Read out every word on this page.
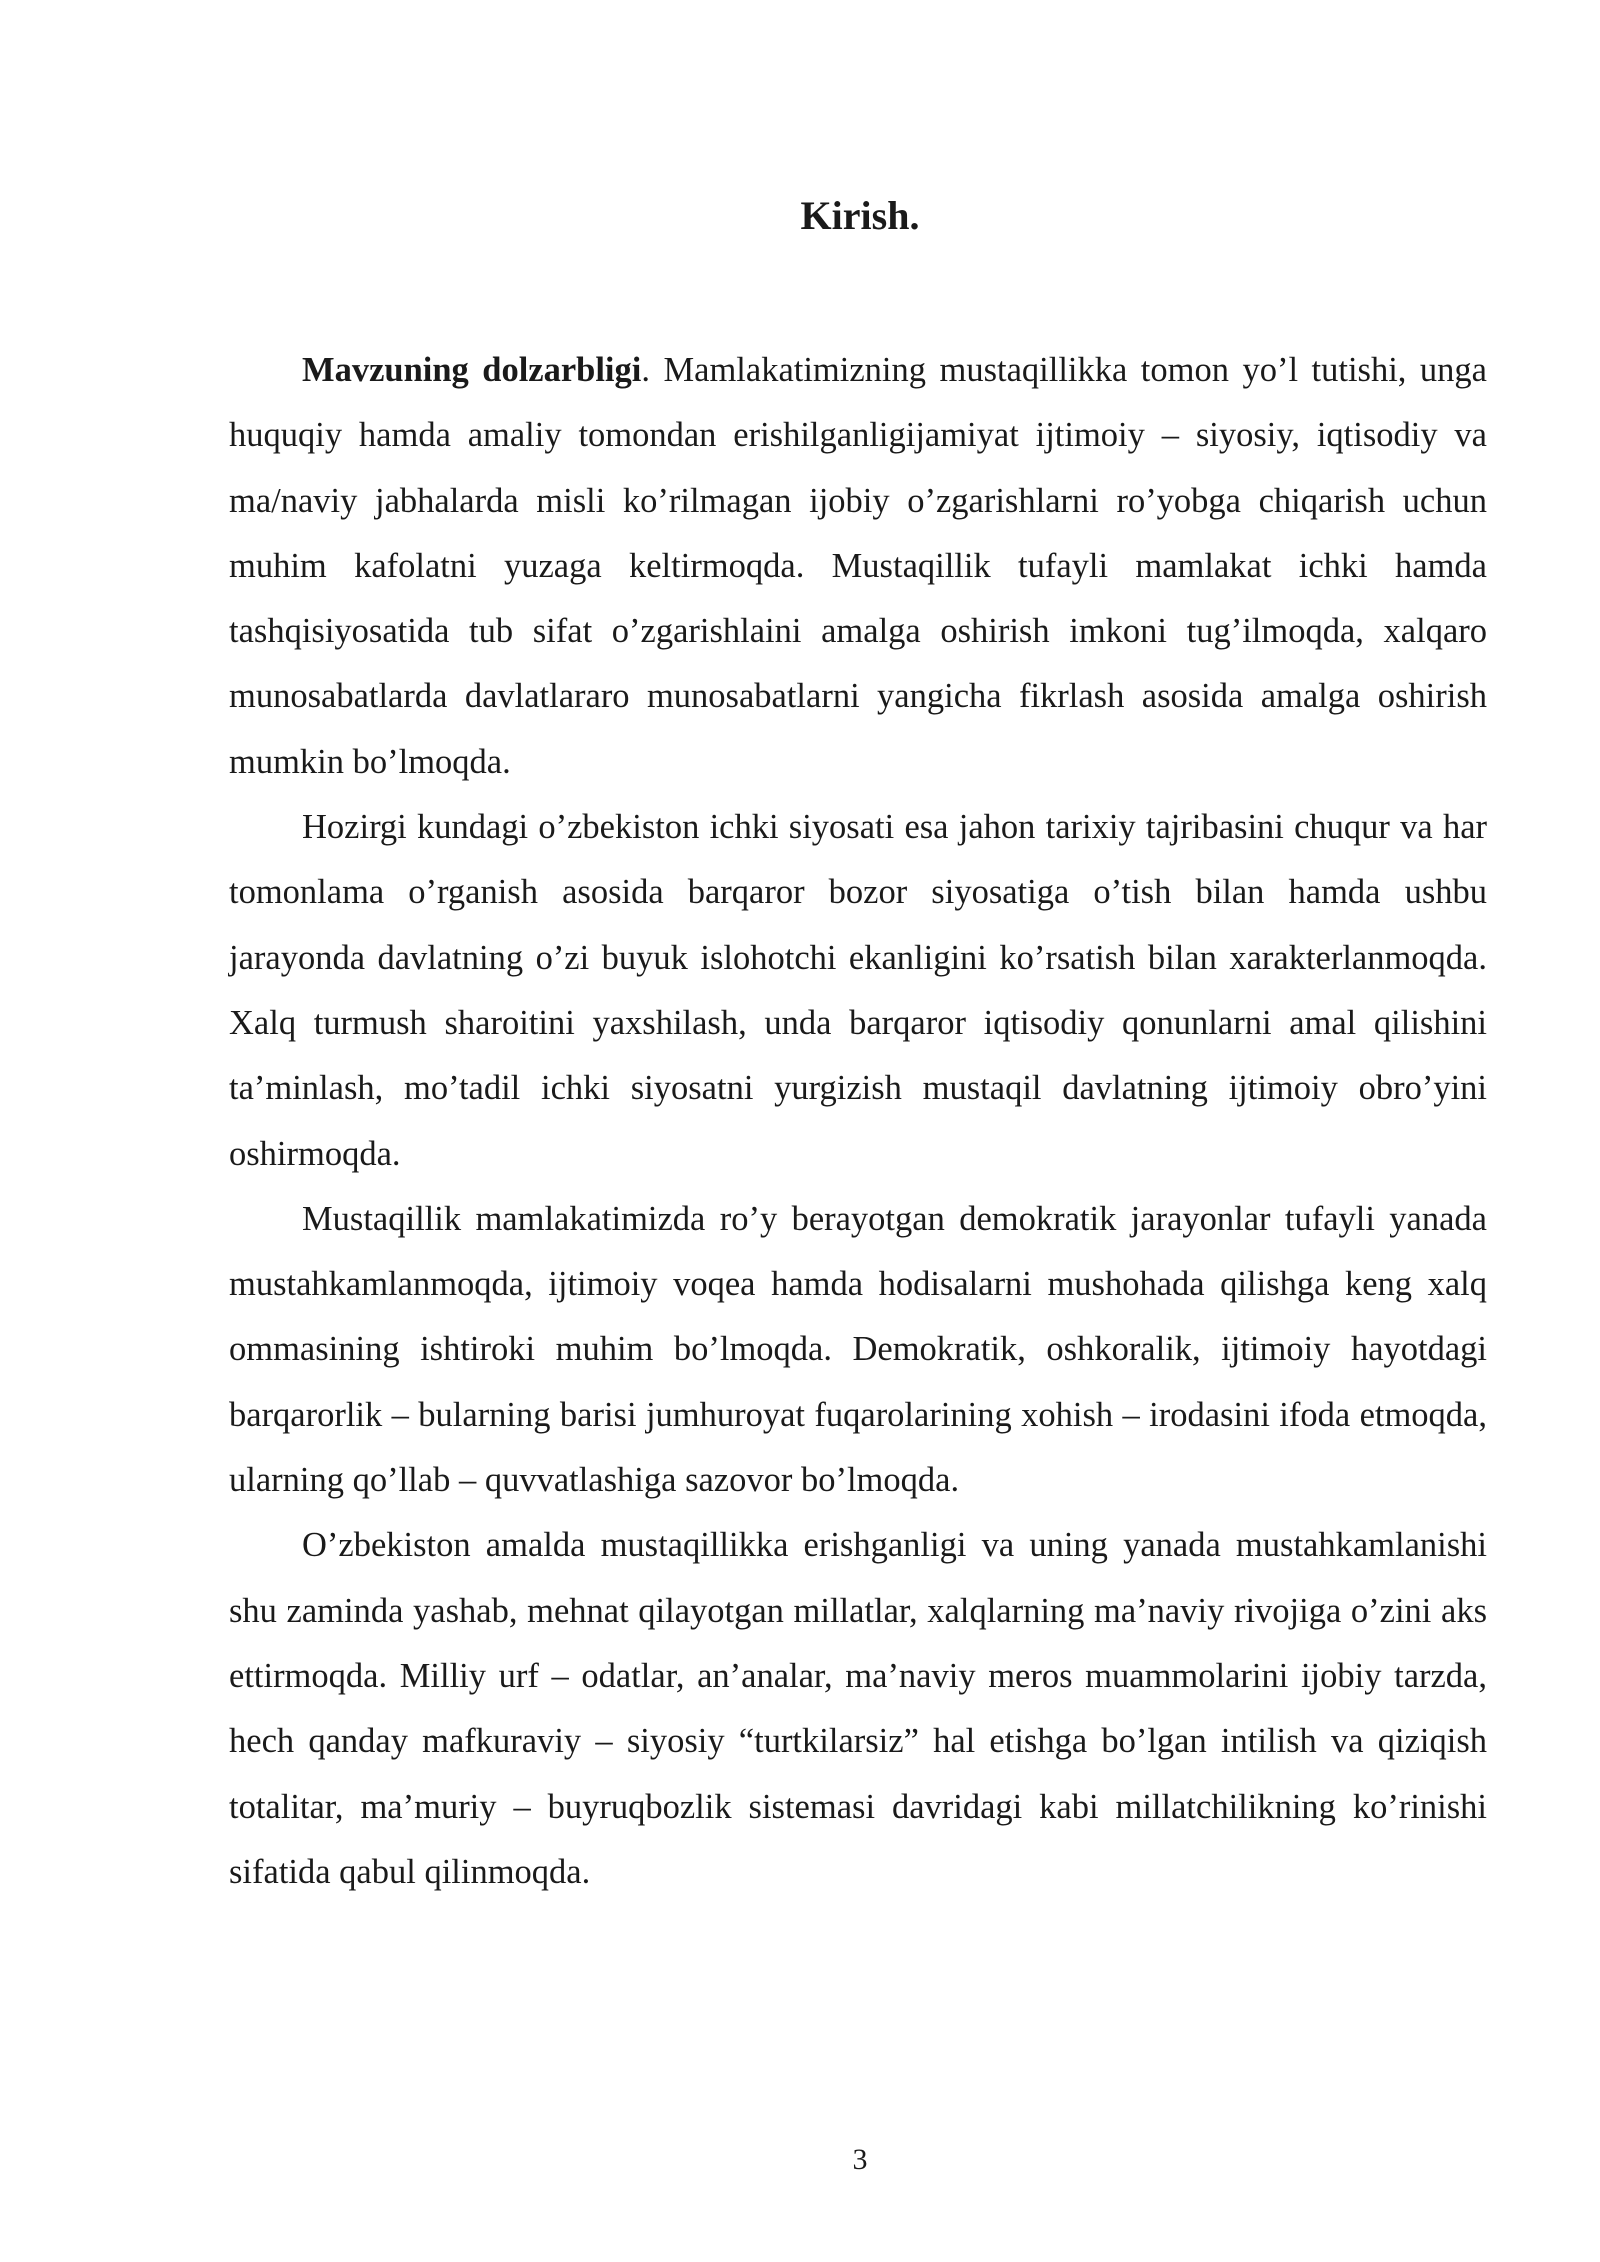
Kirish.

Mavzuning dolzarbligi. Mamlakatimizning mustaqillikka tomon yo’l tutishi, unga huquqiy hamda amaliy tomondan erishilganligijamiyat ijtimoiy – siyosiy, iqtisodiy va ma/naviy jabhalarda misli ko’rilmagan ijobiy o’zgarishlarni ro’yobga chiqarish uchun muhim kafolatni yuzaga keltirmoqda. Mustaqillik tufayli mamlakat ichki hamda tashqisiyosatida tub sifat o’zgarishlaini amalga oshirish imkoni tug’ilmoqda, xalqaro munosabatlarda davlatlararo munosabatlarni yangicha fikrlash asosida amalga oshirish mumkin bo’lmoqda.

Hozirgi kundagi o’zbekiston ichki siyosati esa jahon tarixiy tajribasini chuqur va har tomonlama o’rganish asosida barqaror bozor siyosatiga o’tish bilan hamda ushbu jarayonda davlatning o’zi buyuk islohotchi ekanligini ko’rsatish bilan xarakterlanmoqda. Xalq turmush sharoitini yaxshilash, unda barqaror iqtisodiy qonunlarni amal qilishini ta’minlash, mo’tadil ichki siyosatni yurgizish mustaqil davlatning ijtimoiy obro’yini oshirmoqda.

Mustaqillik mamlakatimizda ro’y berayotgan demokratik jarayonlar tufayli yanada mustahkamlanmoqda, ijtimoiy voqea hamda hodisalarni mushohada qilishga keng xalq ommasining ishtiroki muhim bo’lmoqda. Demokratik, oshkoralik, ijtimoiy hayotdagi barqarorlik – bularning barisi jumhuroyat fuqarolarining xohish – irodasini ifoda etmoqda, ularning qo’llab – quvvatlashiga sazovor bo’lmoqda.

O’zbekiston amalda mustaqillikka erishganligi va uning yanada mustahkamlanishi shu zaminda yashab, mehnat qilayotgan millatlar, xalqlarning ma’naviy rivojiga o’zini aks ettirmoqda. Milliy urf – odatlar, an’analar, ma’naviy meros muammolarini ijobiy tarzda, hech qanday mafkuraviy – siyosiy “turtkilarsiz” hal etishga bo’lgan intilish va qiziqish totalitar, ma’muriy – buyruqbozlik sistemasi davridagi kabi millatchilikning ko’rinishi sifatida qabul qilinmoqda.

3
